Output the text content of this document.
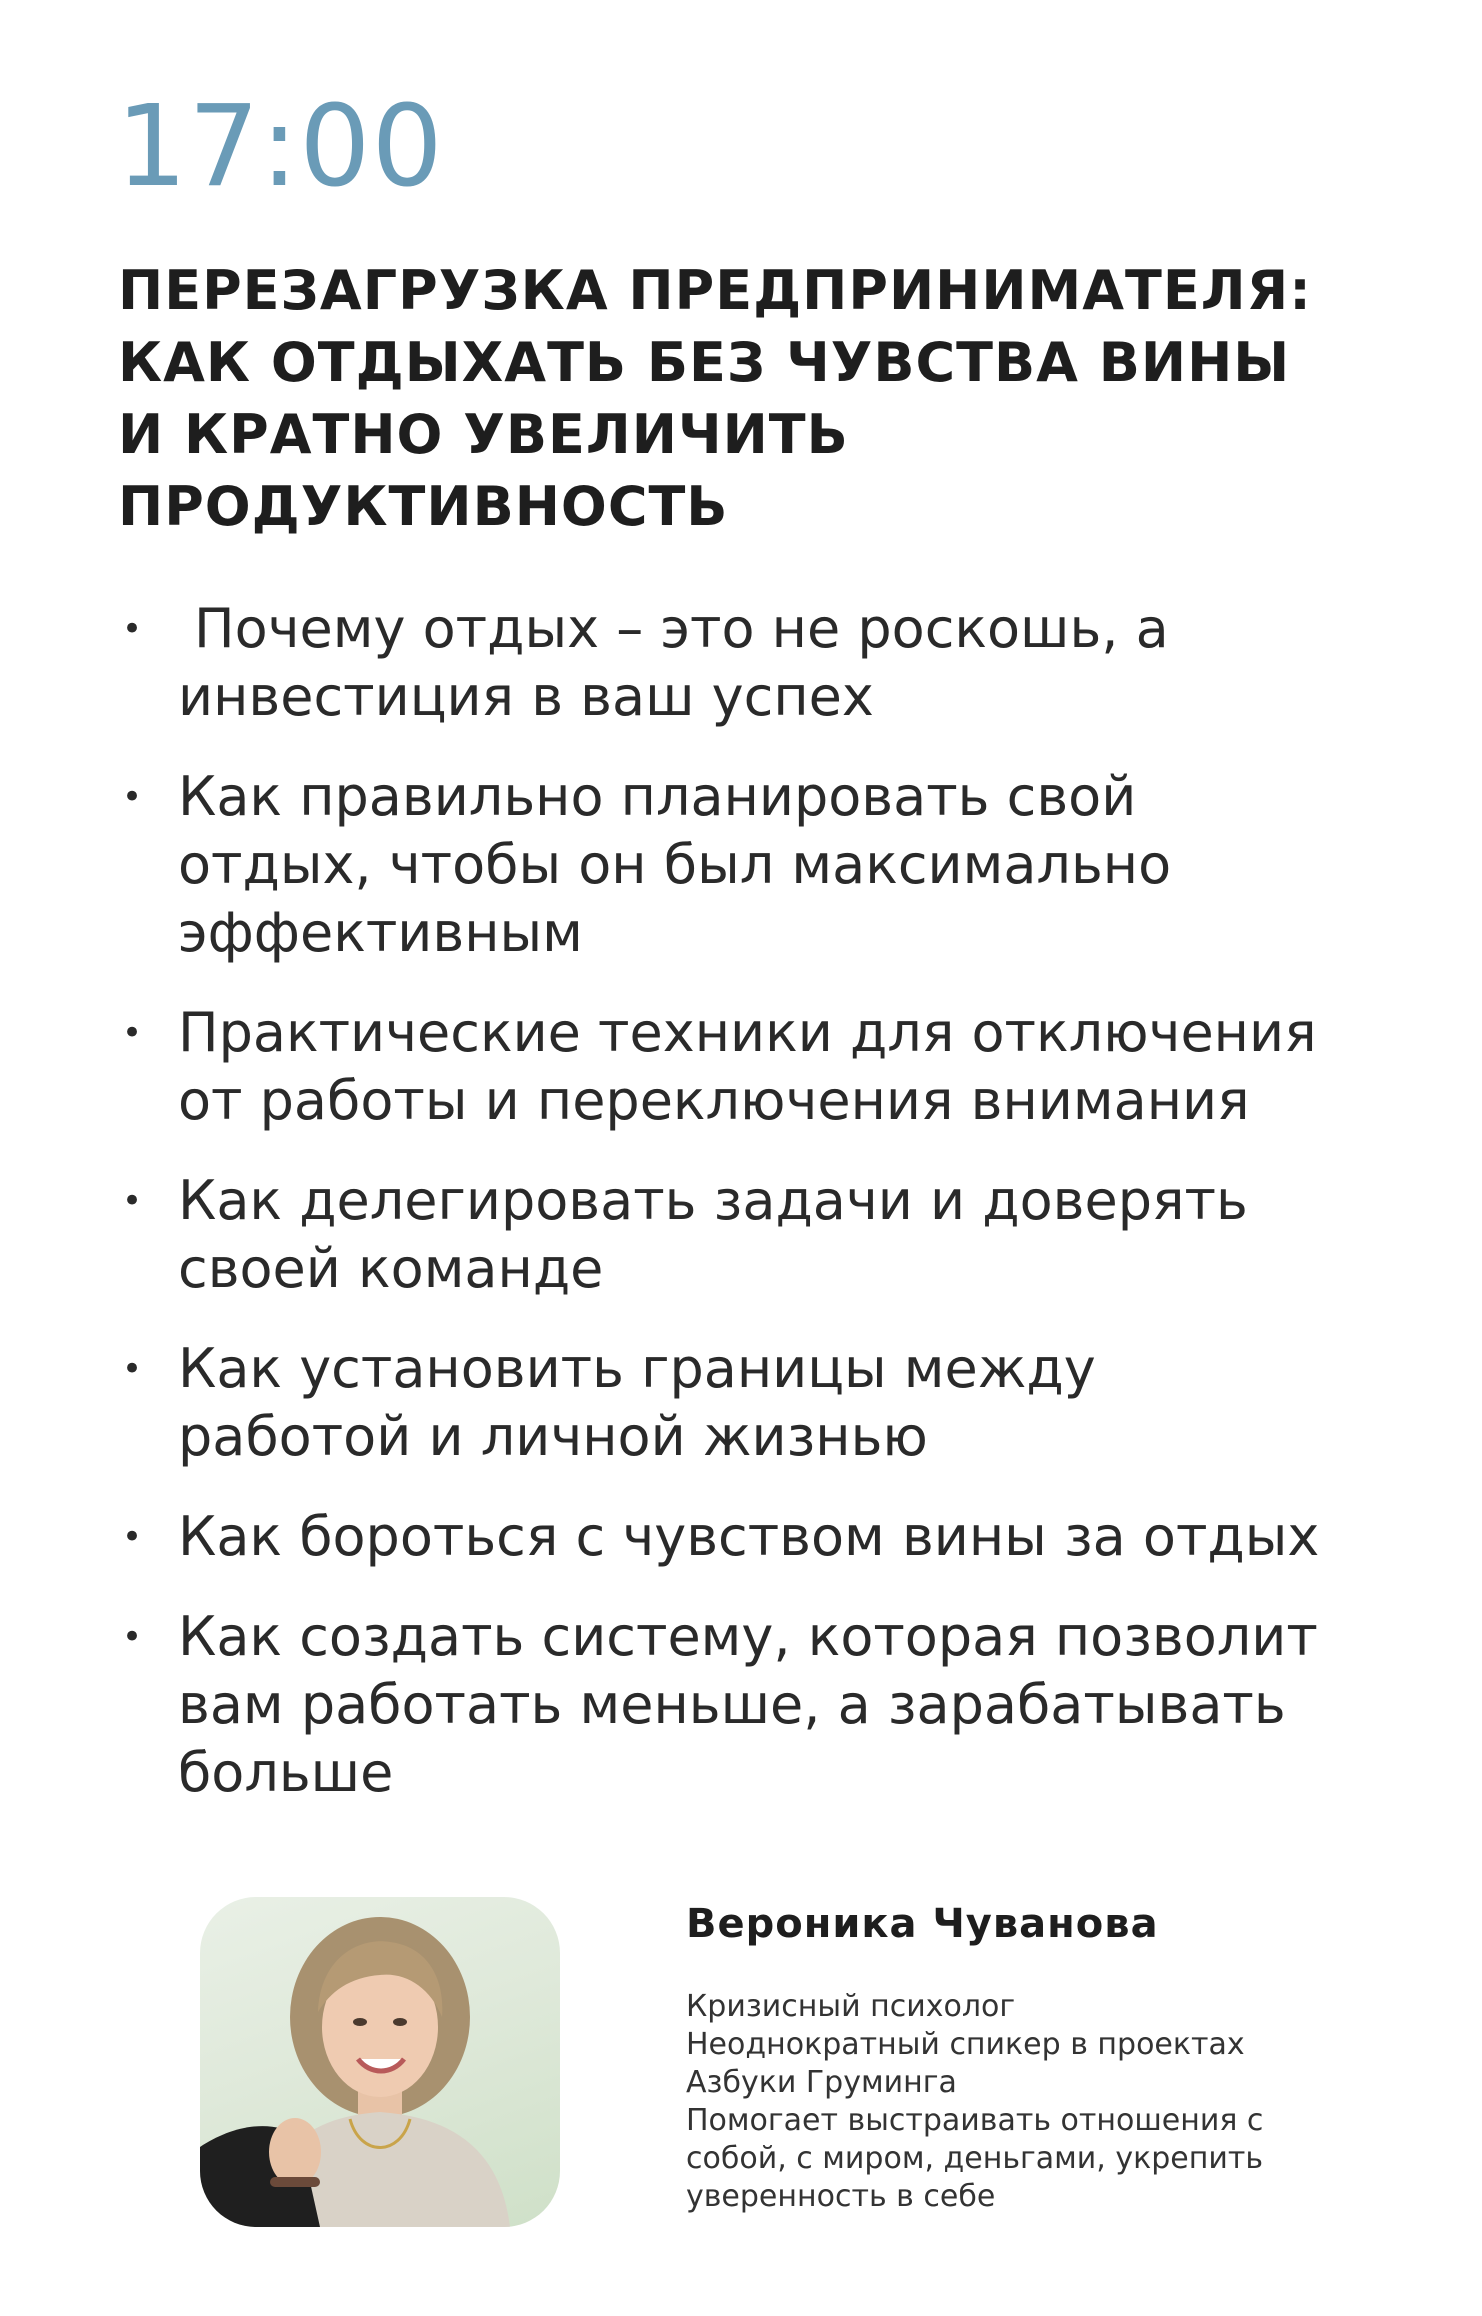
17:00
ПЕРЕЗАГРУЗКА ПРЕДПРИНИМАТЕЛЯ:
КАК ОТДЫХАТЬ БЕЗ ЧУВСТВА ВИНЫ
И КРАТНО УВЕЛИЧИТЬ
ПРОДУКТИВНОСТЬ
• Почему отдых – это не роскошь, а
инвестиция в ваш успех
• Как правильно планировать свой
отдых, чтобы он был максимально
эффективным
• Практические техники для отключения
от работы и переключения внимания
• Как делегировать задачи и доверять
своей команде
• Как установить границы между
работой и личной жизнью
• Как бороться с чувством вины за отдых
• Как создать систему, которая позволит
вам работать меньше, а зарабатывать
больше
Вероника Чуванова
Кризисный психолог
Неоднократный спикер в проектах
Азбуки Груминга
Помогает выстраивать отношения с
собой, с миром, деньгами, укрепить
уверенность в себе
